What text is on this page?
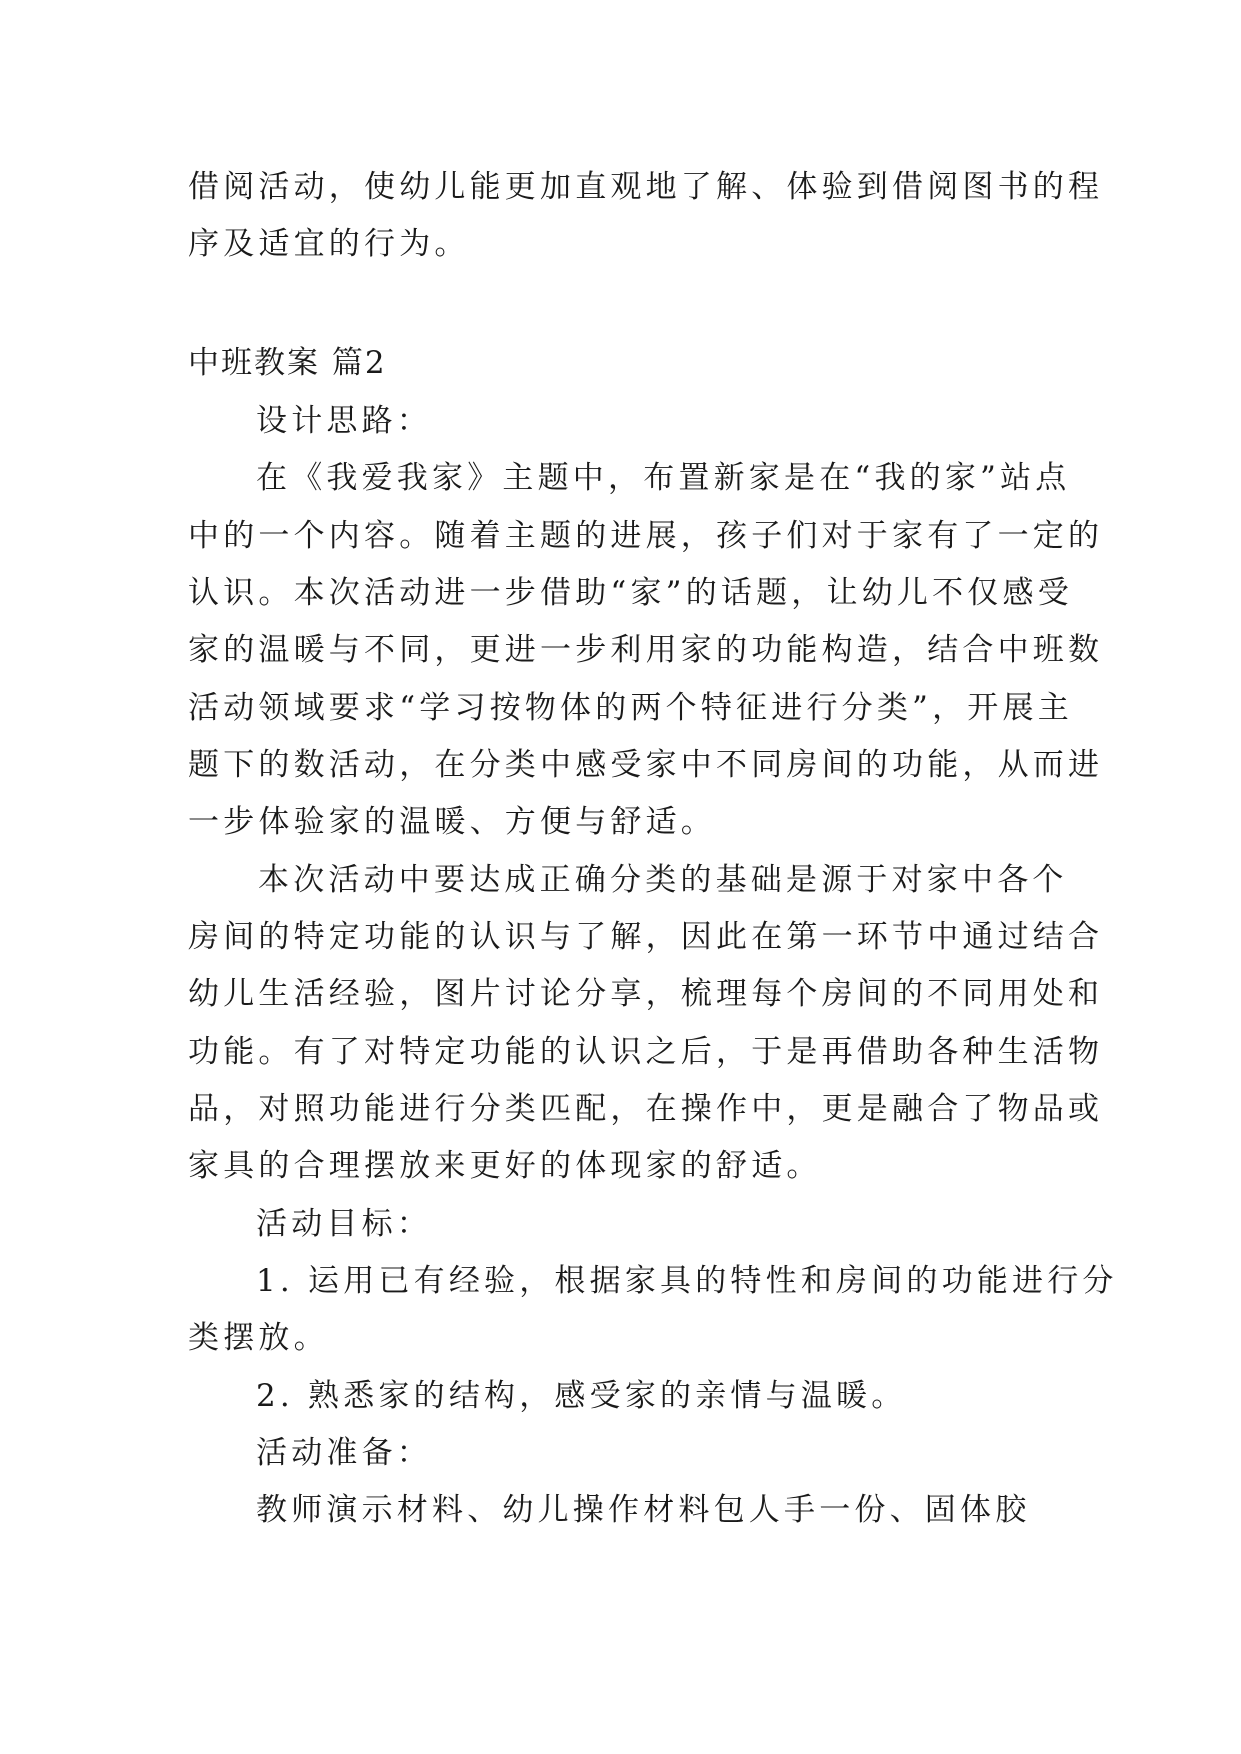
借阅活动，使幼儿能更加直观地了解、体验到借阅图书的程
序及适宜的行为。
中班教案 篇2
设计思路：
在《我爱我家》主题中，布置新家是在“我的家”站点
中的一个内容。随着主题的进展，孩子们对于家有了一定的
认识。本次活动进一步借助“家”的话题，让幼儿不仅感受
家的温暖与不同，更进一步利用家的功能构造，结合中班数
活动领域要求“学习按物体的两个特征进行分类”，开展主
题下的数活动，在分类中感受家中不同房间的功能，从而进
一步体验家的温暖、方便与舒适。
本次活动中要达成正确分类的基础是源于对家中各个
房间的特定功能的认识与了解，因此在第一环节中通过结合
幼儿生活经验，图片讨论分享，梳理每个房间的不同用处和
功能。有了对特定功能的认识之后，于是再借助各种生活物
品，对照功能进行分类匹配，在操作中，更是融合了物品或
家具的合理摆放来更好的体现家的舒适。
活动目标：
1. 运用已有经验，根据家具的特性和房间的功能进行分
类摆放。
2. 熟悉家的结构，感受家的亲情与温暖。
活动准备：
教师演示材料、幼儿操作材料包人手一份、固体胶
